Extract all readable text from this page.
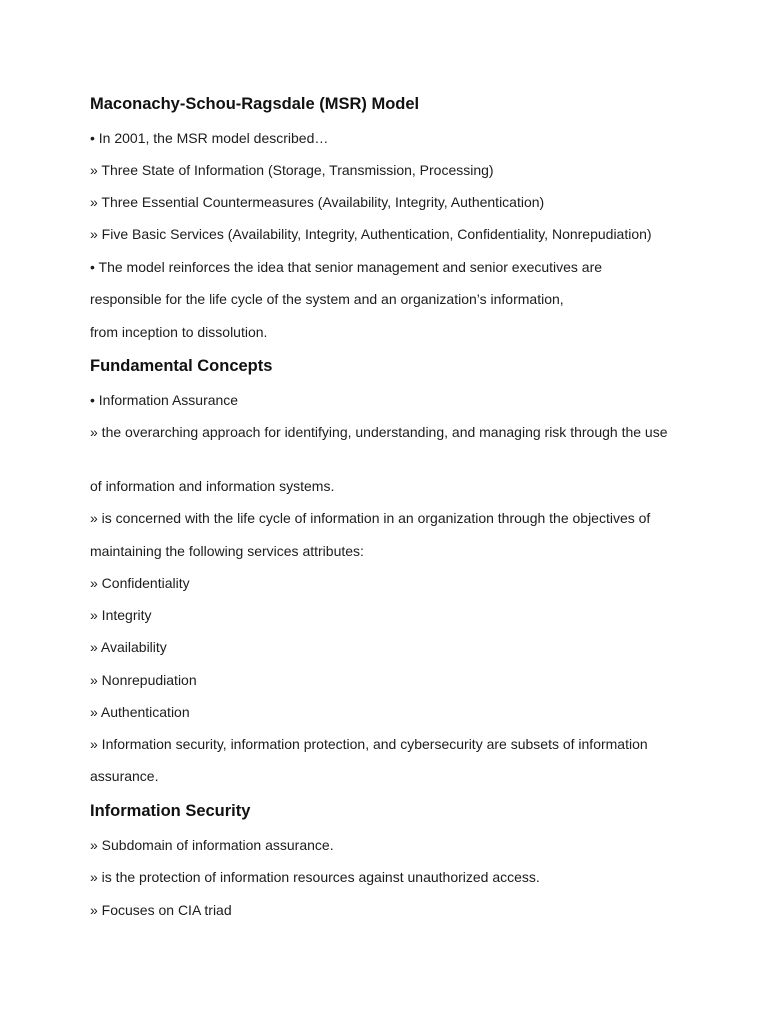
Maconachy-Schou-Ragsdale (MSR) Model
• In 2001, the MSR model described…
» Three State of Information (Storage, Transmission, Processing)
» Three Essential Countermeasures (Availability, Integrity, Authentication)
» Five Basic Services (Availability, Integrity, Authentication, Confidentiality, Nonrepudiation)
• The model reinforces the idea that senior management and senior executives are
responsible for the life cycle of the system and an organization’s information,
from inception to dissolution.
Fundamental Concepts
• Information Assurance
» the overarching approach for identifying, understanding, and managing risk through the use
of information and information systems.
» is concerned with the life cycle of information in an organization through the objectives of
maintaining the following services attributes:
» Confidentiality
» Integrity
» Availability
» Nonrepudiation
» Authentication
» Information security, information protection, and cybersecurity are subsets of information
assurance.
Information Security
» Subdomain of information assurance.
» is the protection of information resources against unauthorized access.
» Focuses on CIA triad
